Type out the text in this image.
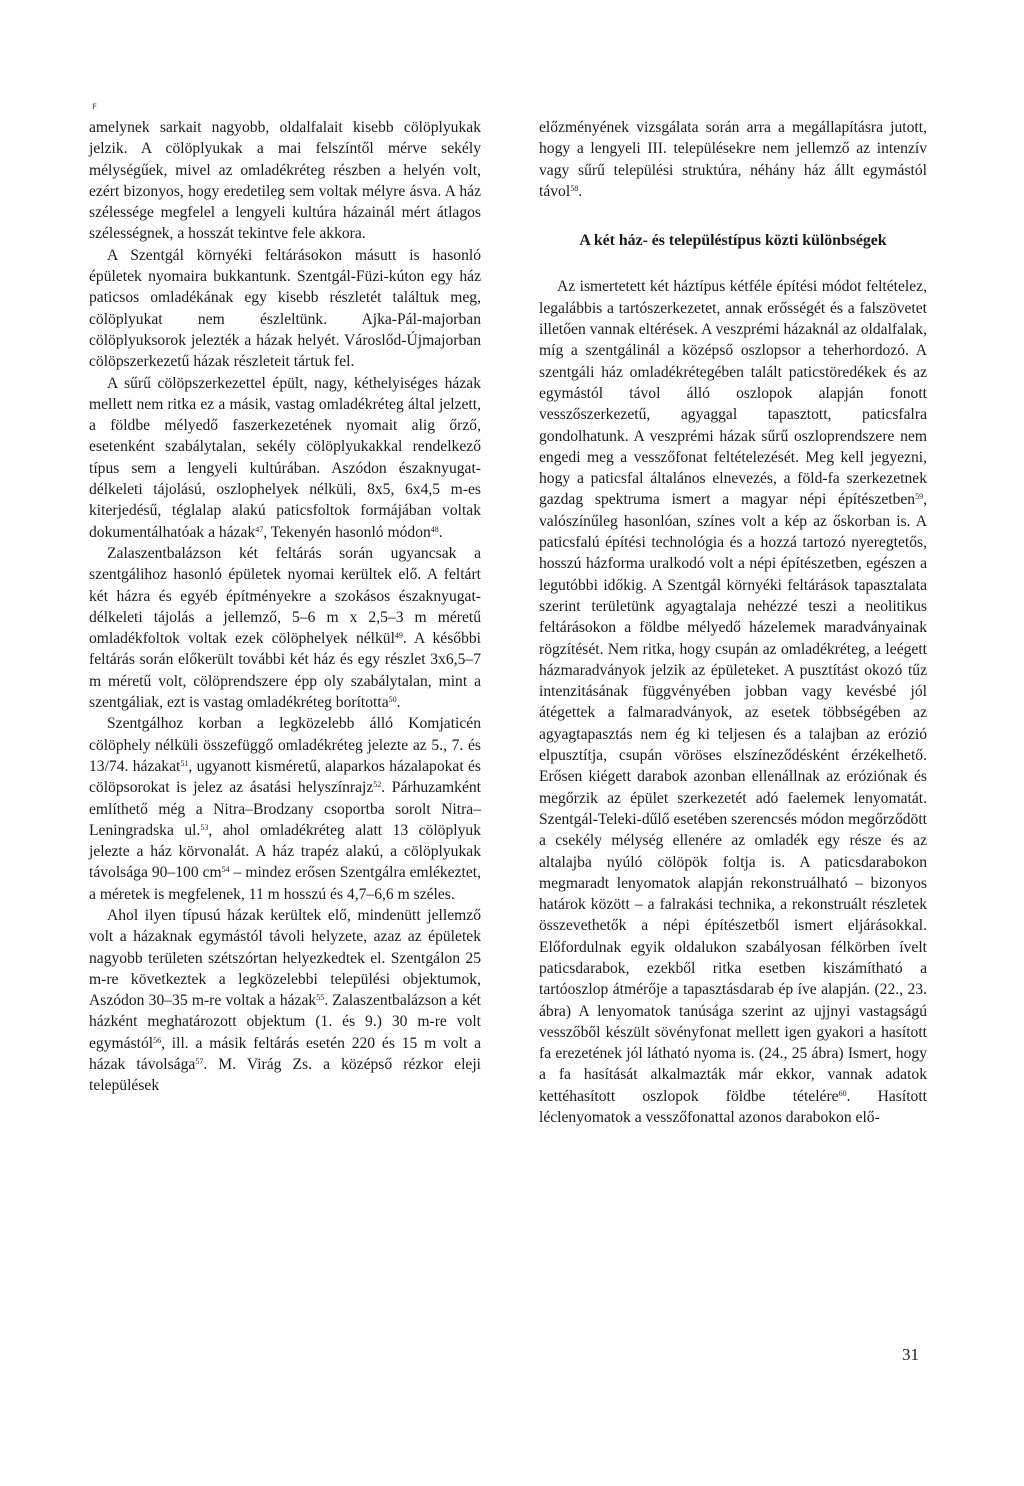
ꜰ

amelynek sarkait nagyobb, oldalfalait kisebb cölöplyukak jelzik. A cölöplyukak a mai felszíntől mérve sekély mélységűek, mivel az omladékréteg részben a helyén volt, ezért bizonyos, hogy eredetileg sem voltak mélyre ásva. A ház szélessége megfelel a lengyeli kultúra házainál mért átlagos szélességnek, a hosszát tekintve fele akkora.

A Szentgál környéki feltárásokon másutt is hasonló épületek nyomaira bukkantunk. Szentgál-Füzi-kúton egy ház paticsos omladékának egy kisebb részletét találtuk meg, cölöplyukat nem észleltünk. Ajka-Pál-majorban cölöplyuksorok jelezték a házak helyét. Városlőd-Újmajorban cölöpszerkezetű házak részleteit tártuk fel.

A sűrű cölöpszerkezettel épült, nagy, kéthelyiséges házak mellett nem ritka ez a másik, vastag omladékréteg által jelzett, a földbe mélyedő faszerkezetének nyomait alig őrző, esetenként szabálytalan, sekély cölöplyukakkal rendelkező típus sem a lengyeli kultúrában. Aszódon északnyugat-délkeleti tájolású, oszlophelyek nélküli, 8x5, 6x4,5 m-es kiterjedésű, téglalap alakú paticsfoltok formájában voltak dokumentálhatóak a házak$^{47}$, Tekenyén hasonló módon$^{48}$.

Zalaszentbalázson két feltárás során ugyancsak a szentgálihoz hasonló épületek nyomai kerültek elő. A feltárt két házra és egyéb építményekre a szokásos északnyugat-délkeleti tájolás a jellemző, 5–6 m x 2,5–3 m méretű omladékfoltok voltak ezek cölöphelyek nélkül$^{49}$. A későbbi feltárás során előkerült további két ház és egy részlet 3x6,5–7 m méretű volt, cölöprendszere épp oly szabálytalan, mint a szentgáliak, ezt is vastag omladékréteg borította$^{50}$.

Szentgálhoz korban a legközelebb álló Komjaticén cölöphely nélküli összefüggő omladékréteg jelezte az 5., 7. és 13/74. házakat$^{51}$, ugyanott kisméretű, alaparkos házalapokat és cölöpsorokat is jelez az ásatási helyszínrajz$^{52}$. Párhuzamként említhető még a Nitra–Brodzany csoportba sorolt Nitra–Leningradska ul.$^{53}$, ahol omladékréteg alatt 13 cölöplyuk jelezte a ház körvonalát. A ház trapéz alakú, a cölöplyukak távolsága 90–100 $cm^{54}$ – mindez erősen Szentgálra emlékeztet, a méretek is megfelenek, 11 m hosszú és 4,7–6,6 m széles.

Ahol ilyen típusú házak kerültek elő, mindenütt jellemző volt a házaknak egymástól távoli helyzete, azaz az épületek nagyobb területen szétszórtan helyezkedtek el. Szentgálon 25 m-re következtek a legközelebbi települési objektumok, Aszódon 30–35 m-re voltak a házak$^{55}$. Zalaszentbalázson a két házként meghatározott objektum (1. és 9.) 30 m-re volt egymástól$^{56}$, ill. a másik feltárás esetén 220 és 15 m volt a házak távolsága$^{57}$. M. Virág Zs. a középső rézkor eleji települések

előzményének vizsgálata során arra a megállapításra jutott, hogy a lengyeli III. településekre nem jellemző az intenzív vagy sűrű települési struktúra, néhány ház állt egymástól távol$^{58}$.

A két ház- és településtípus közti különbségek

Az ismertetett két háztípus kétféle építési módot feltételez, legalábbis a tartószerkezetet, annak erősségét és a falszövetet illetően vannak eltérések. A veszprémi házaknál az oldalfalak, míg a szentgálinál a középső oszlopsor a teherhordozó. A szentgáli ház omladékrétegében talált paticstöredékek és az egymástól távol álló oszlopok alapján fonott vesszőszerkezetű, agyaggal tapasztott, paticsfalra gondolhatunk. A veszprémi házak sűrű oszloprendszere nem engedi meg a vesszőfonat feltételezését. Meg kell jegyezni, hogy a paticsfal általános elnevezés, a föld-fa szerkezetnek gazdag spektruma ismert a magyar népi építészetben$^{59}$, valószínűleg hasonlóan, színes volt a kép az őskorban is. A paticsfalú építési technológia és a hozzá tartozó nyeregtetős, hosszú házforma uralkodó volt a népi építészetben, egészen a legutóbbi időkig. A Szentgál környéki feltárások tapasztalata szerint területünk agyagtalaja nehézzé teszi a neolitikus feltárásokon a földbe mélyedő házelemek maradványainak rögzítését. Nem ritka, hogy csupán az omladékréteg, a leégett házmaradványok jelzik az épületeket. A pusztítást okozó tűz intenzitásának függvényében jobban vagy kevésbé jól átégettek a falmaradványok, az esetek többségében az agyagtapasztás nem ég ki teljesen és a talajban az erózió elpusztítja, csupán vöröses elszíneződésként érzékelhető. Erősen kiégett darabok azonban ellenállnak az eróziónak és megőrzik az épület szerkezetét adó faelemek lenyomatát. Szentgál-Teleki-dűlő esetében szerencsés módon megőrződött a csekély mélység ellenére az omladék egy része és az altalajba nyúló cölöpök foltja is. A paticsdarabokon megmaradt lenyomatok alapján rekonstruálható – bizonyos határok között – a falrakási technika, a rekonstruált részletek összevethetők a népi építészetből ismert eljárásokkal. Előfordulnak egyik oldalukon szabályosan félkörben ívelt paticsdarabok, ezekből ritka esetben kiszámítható a tartóoszlop átmérője a tapasztásdarab ép íve alapján. (22., 23. ábra) A lenyomatok tanúsága szerint az ujjnyi vastagságú vesszőből készült sövényfonat mellett igen gyakori a hasított fa erezetének jól látható nyoma is. (24., 25 ábra) Ismert, hogy a fa hasítását alkalmazták már ekkor, vannak adatok kettéhasított oszlopok földbe tételére$^{60}$. Hasított léclenyomatok a vesszőfonattal azonos darabokon elő-

31
